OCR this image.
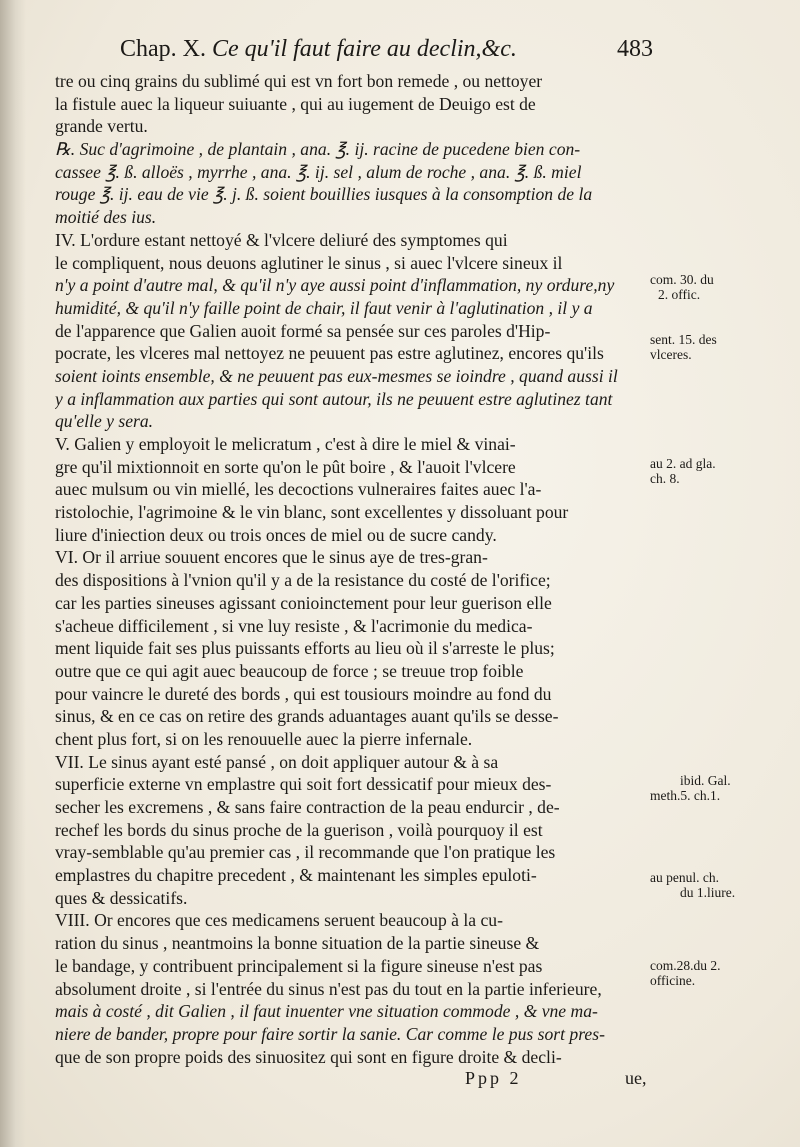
Chap. X. Ce qu'il faut faire au declin,&c.	483
tre ou cinq grains du sublimé qui est vn fort bon remede , ou nettoyer
la fistule auec la liqueur suiuante , qui au iugement de Deuigo est de
grande vertu.
℞. Suc d'agrimoine , de plantain , ana. ℥. ij. racine de pucedene bien con-
cassee ℥. ß. alloës , myrrhe , ana. ℥. ij. sel , alum de roche , ana. ℥. ß. miel
rouge ℥. ij. eau de vie ℥. j. ß. soient bouillies iusques à la consomption de la
moitié des ius.
IV. L'ordure estant nettoyé & l'vlcere deliuré des symptomes qui
le compliquent, nous deuons aglutiner le sinus , si auec l'vlcere sineux il
n'y a point d'autre mal, & qu'il n'y aye aussi point d'inflammation, ny ordure,ny
humidité, & qu'il n'y faille point de chair, il faut venir à l'aglutination , il y a
de l'apparence que Galien auoit formé sa pensée sur ces paroles d'Hip-
pocrate, les vlceres mal nettoyez ne peuuent pas estre aglutinez, encores qu'ils
soient ioints ensemble, & ne peuuent pas eux-mesmes se ioindre , quand aussi il
y a inflammation aux parties qui sont autour, ils ne peuuent estre aglutinez tant
qu'elle y sera.
V. Galien y employoit le melicratum , c'est à dire le miel & vinai-
gre qu'il mixtionnoit en sorte qu'on le pût boire , & l'auoit l'vlcere
auec mulsum ou vin miellé, les decoctions vulneraires faites auec l'a-
ristolochie, l'agrimoine & le vin blanc, sont excellentes y dissoluant pour
liure d'iniection deux ou trois onces de miel ou de sucre candy.
VI. Or il arriue souuent encores que le sinus aye de tres-gran-
des dispositions à l'vnion qu'il y a de la resistance du costé de l'orifice;
car les parties sineuses agissant conioinctement pour leur guerison elle
s'acheue difficilement , si vne luy resiste , & l'acrimonie du medica-
ment liquide fait ses plus puissants efforts au lieu où il s'arreste le plus;
outre que ce qui agit auec beaucoup de force ; se treuue trop foible
pour vaincre le dureté des bords , qui est tousiours moindre au fond du
sinus, & en ce cas on retire des grands aduantages auant qu'ils se desse-
chent plus fort, si on les renouuelle auec la pierre infernale.
VII. Le sinus ayant esté pansé , on doit appliquer autour & à sa
superficie externe vn emplastre qui soit fort dessicatif pour mieux des-
secher les excremens , & sans faire contraction de la peau endurcir , de-
rechef les bords du sinus proche de la guerison , voilà pourquoy il est
vray-semblable qu'au premier cas , il recommande que l'on pratique les
emplastres du chapitre precedent , & maintenant les simples epuloti-
ques & dessicatifs.
VIII. Or encores que ces medicamens seruent beaucoup à la cu-
ration du sinus , neantmoins la bonne situation de la partie sineuse &
le bandage, y contribuent principalement si la figure sineuse n'est pas
absolument droite , si l'entrée du sinus n'est pas du tout en la partie inferieure,
mais à costé , dit Galien , il faut inuenter vne situation commode , & vne ma-
niere de bander, propre pour faire sortir la sanie. Car comme le pus sort pres-
que de son propre poids des sinuositez qui sont en figure droite & decli-
com. 30. du
2. offic.
sent. 15. des
vlceres.
au 2. ad gla.
ch. 8.
ibid. Gal.
meth.5. ch.1.
au penul. ch.
du 1.liure.
com.28.du 2.
officine.
Ppp 2	ue,
